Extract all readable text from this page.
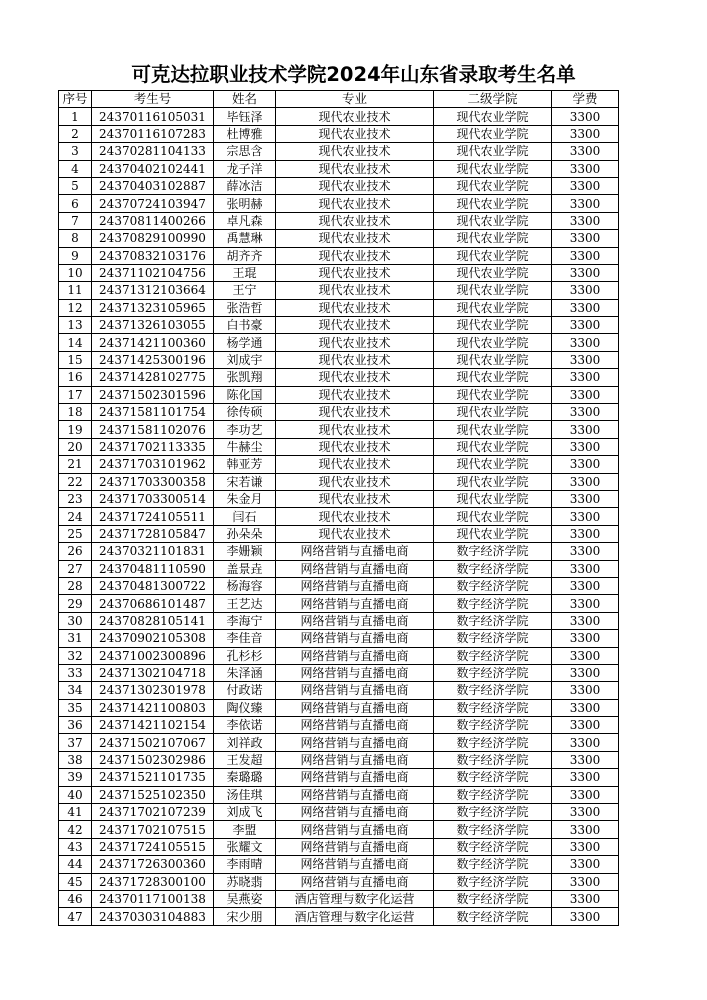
可克达拉职业技术学院2024年山东省录取考生名单
序号	考生号	姓名	专业	二级学院	学费
1	24370116105031	毕钰泽	现代农业技术	现代农业学院	3300
2	24370116107283	杜博雅	现代农业技术	现代农业学院	3300
3	24370281104133	宗思含	现代农业技术	现代农业学院	3300
4	24370402102441	龙子洋	现代农业技术	现代农业学院	3300
5	24370403102887	薛冰洁	现代农业技术	现代农业学院	3300
6	24370724103947	张明赫	现代农业技术	现代农业学院	3300
7	24370811400266	卓凡森	现代农业技术	现代农业学院	3300
8	24370829100990	禹慧琳	现代农业技术	现代农业学院	3300
9	24370832103176	胡齐齐	现代农业技术	现代农业学院	3300
10	24371102104756	王琨	现代农业技术	现代农业学院	3300
11	24371312103664	王宁	现代农业技术	现代农业学院	3300
12	24371323105965	张浩哲	现代农业技术	现代农业学院	3300
13	24371326103055	白书豪	现代农业技术	现代农业学院	3300
14	24371421100360	杨学通	现代农业技术	现代农业学院	3300
15	24371425300196	刘成宇	现代农业技术	现代农业学院	3300
16	24371428102775	张凯翔	现代农业技术	现代农业学院	3300
17	24371502301596	陈化国	现代农业技术	现代农业学院	3300
18	24371581101754	徐传硕	现代农业技术	现代农业学院	3300
19	24371581102076	李功艺	现代农业技术	现代农业学院	3300
20	24371702113335	牛赫尘	现代农业技术	现代农业学院	3300
21	24371703101962	韩亚芳	现代农业技术	现代农业学院	3300
22	24371703300358	宋若谦	现代农业技术	现代农业学院	3300
23	24371703300514	朱金月	现代农业技术	现代农业学院	3300
24	24371724105511	闫石	现代农业技术	现代农业学院	3300
25	24371728105847	孙朵朵	现代农业技术	现代农业学院	3300
26	24370321101831	李姗颖	网络营销与直播电商	数字经济学院	3300
27	24370481110590	盖景垚	网络营销与直播电商	数字经济学院	3300
28	24370481300722	杨海容	网络营销与直播电商	数字经济学院	3300
29	24370686101487	王艺达	网络营销与直播电商	数字经济学院	3300
30	24370828105141	李海宁	网络营销与直播电商	数字经济学院	3300
31	24370902105308	李佳音	网络营销与直播电商	数字经济学院	3300
32	24371002300896	孔杉杉	网络营销与直播电商	数字经济学院	3300
33	24371302104718	朱泽涵	网络营销与直播电商	数字经济学院	3300
34	24371302301978	付政诺	网络营销与直播电商	数字经济学院	3300
35	24371421100803	陶仪臻	网络营销与直播电商	数字经济学院	3300
36	24371421102154	李依诺	网络营销与直播电商	数字经济学院	3300
37	24371502107067	刘祥政	网络营销与直播电商	数字经济学院	3300
38	24371502302986	王发超	网络营销与直播电商	数字经济学院	3300
39	24371521101735	秦璐璐	网络营销与直播电商	数字经济学院	3300
40	24371525102350	汤佳琪	网络营销与直播电商	数字经济学院	3300
41	24371702107239	刘成飞	网络营销与直播电商	数字经济学院	3300
42	24371702107515	李盟	网络营销与直播电商	数字经济学院	3300
43	24371724105515	张耀文	网络营销与直播电商	数字经济学院	3300
44	24371726300360	李雨晴	网络营销与直播电商	数字经济学院	3300
45	24371728300100	苏晓翡	网络营销与直播电商	数字经济学院	3300
46	24370117100138	吴燕姿	酒店管理与数字化运营	数字经济学院	3300
47	24370303104883	宋少朋	酒店管理与数字化运营	数字经济学院	3300
